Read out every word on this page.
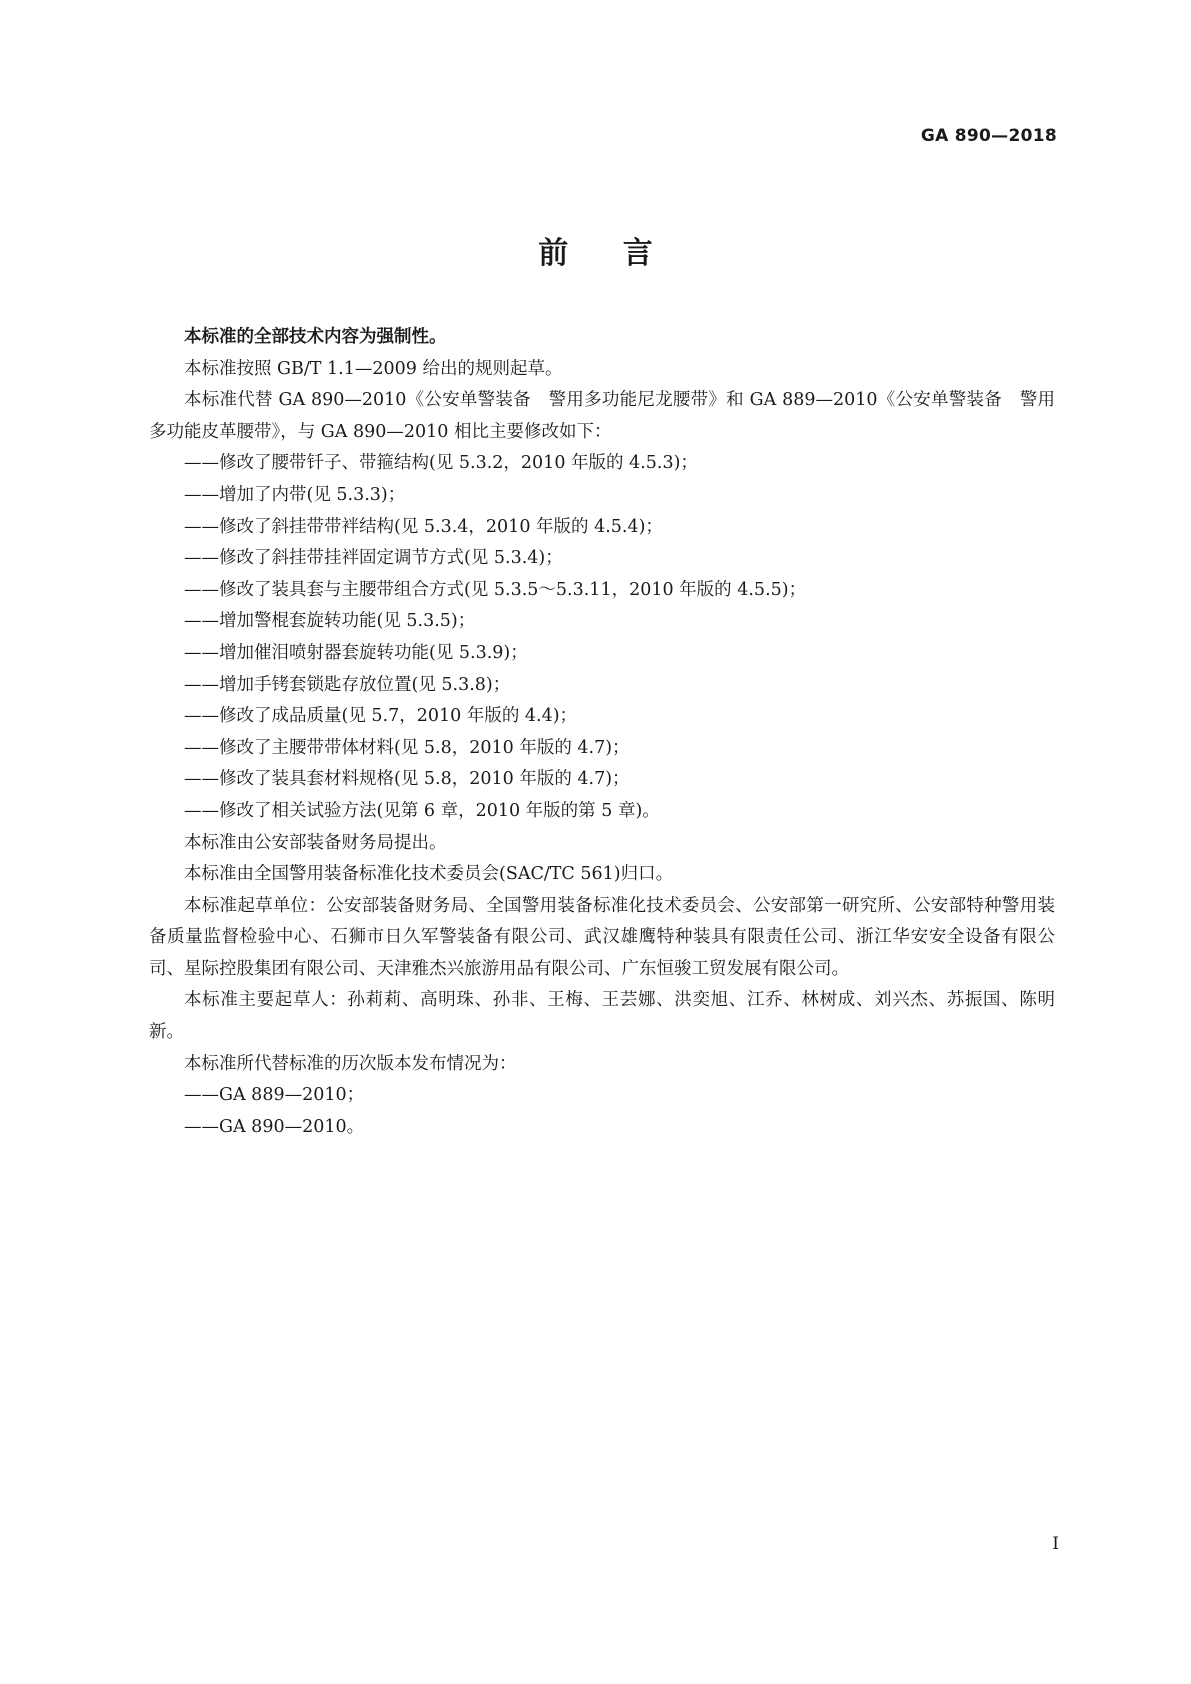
GA 890—2018
前 言

本标准的全部技术内容为强制性。

本标准按照 GB/T 1.1—2009 给出的规则起草。

本标准代替 GA 890—2010《公安单警装备　警用多功能尼龙腰带》和 GA 889—2010《公安单警装备　警用多功能皮革腰带》，与 GA 890—2010 相比主要修改如下：

——修改了腰带钎子、带箍结构(见 5.3.2，2010 年版的 4.5.3)；

——增加了内带(见 5.3.3)；

——修改了斜挂带带袢结构(见 5.3.4，2010 年版的 4.5.4)；

——修改了斜挂带挂袢固定调节方式(见 5.3.4)；

——修改了装具套与主腰带组合方式(见 5.3.5～5.3.11，2010 年版的 4.5.5)；

——增加警棍套旋转功能(见 5.3.5)；

——增加催泪喷射器套旋转功能(见 5.3.9)；

——增加手铐套锁匙存放位置(见 5.3.8)；

——修改了成品质量(见 5.7，2010 年版的 4.4)；

——修改了主腰带带体材料(见 5.8，2010 年版的 4.7)；

——修改了装具套材料规格(见 5.8，2010 年版的 4.7)；

——修改了相关试验方法(见第 6 章，2010 年版的第 5 章)。

本标准由公安部装备财务局提出。

本标准由全国警用装备标准化技术委员会(SAC/TC 561)归口。

本标准起草单位：公安部装备财务局、全国警用装备标准化技术委员会、公安部第一研究所、公安部特种警用装备质量监督检验中心、石狮市日久军警装备有限公司、武汉雄鹰特种装具有限责任公司、浙江华安安全设备有限公司、星际控股集团有限公司、天津雅杰兴旅游用品有限公司、广东恒骏工贸发展有限公司。

本标准主要起草人：孙莉莉、高明珠、孙非、王梅、王芸娜、洪奕旭、江乔、林树成、刘兴杰、苏振国、陈明新。

本标准所代替标准的历次版本发布情况为：

——GA 889—2010；

——GA 890—2010。

I
